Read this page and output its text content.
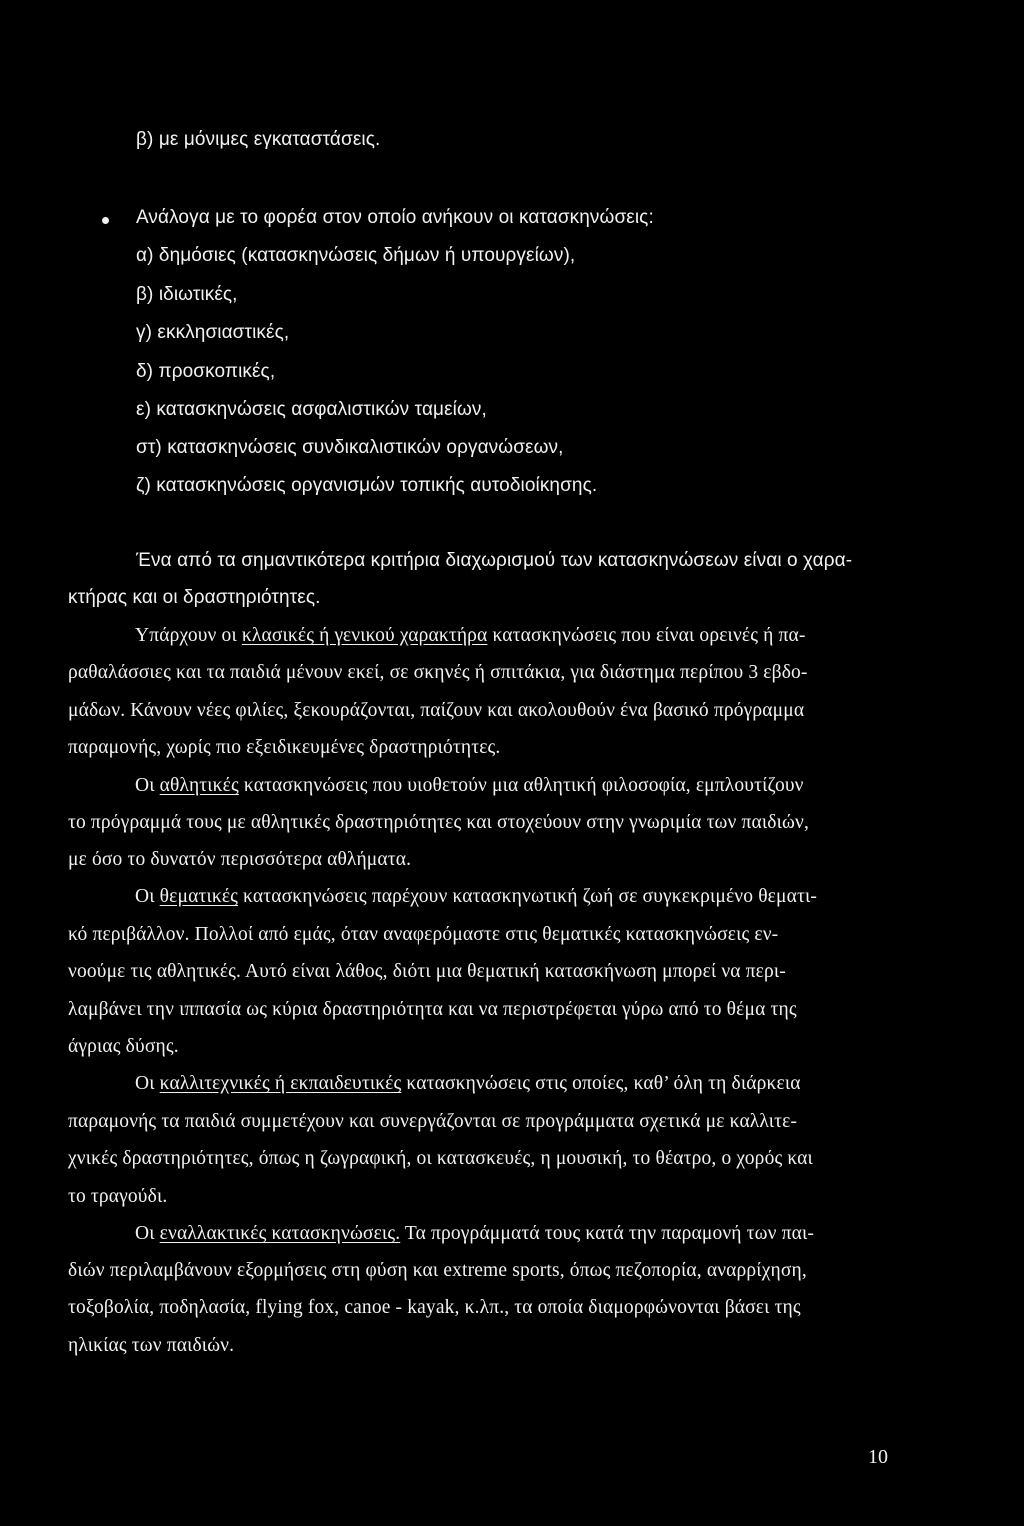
β) με μόνιμες εγκαταστάσεις.

Ανάλογα με το φορέα στον οποίο ανήκουν οι κατασκηνώσεις:

α) δημόσιες (κατασκηνώσεις δήμων ή υπουργείων),

β) ιδιωτικές,

γ) εκκλησιαστικές,

δ) προσκοπικές,

ε) κατασκηνώσεις ασφαλιστικών ταμείων,

στ) κατασκηνώσεις συνδικαλιστικών οργανώσεων,

ζ) κατασκηνώσεις οργανισμών τοπικής αυτοδιοίκησης.

Ένα από τα σημαντικότερα κριτήρια διαχωρισμού των κατασκηνώσεων είναι ο χαρα-

κτήρας και οι δραστηριότητες.

Υπάρχουν οι κλασικές ή γενικού χαρακτήρα κατασκηνώσεις που είναι ορεινές ή πα-

ραθαλάσσιες και τα παιδιά μένουν εκεί, σε σκηνές ή σπιτάκια, για διάστημα περίπου 3 εβδο-

μάδων. Κάνουν νέες φιλίες, ξεκουράζονται, παίζουν και ακολουθούν ένα βασικό πρόγραμμα

παραμονής, χωρίς πιο εξειδικευμένες δραστηριότητες.

Οι αθλητικές κατασκηνώσεις που υιοθετούν μια αθλητική φιλοσοφία, εμπλουτίζουν

το πρόγραμμά τους με αθλητικές δραστηριότητες και στοχεύουν στην γνωριμία των παιδιών,

με όσο το δυνατόν περισσότερα αθλήματα.

Οι θεματικές κατασκηνώσεις παρέχουν κατασκηνωτική ζωή σε συγκεκριμένο θεματι-

κό περιβάλλον. Πολλοί από εμάς, όταν αναφερόμαστε στις θεματικές κατασκηνώσεις εν-

νοούμε τις αθλητικές. Αυτό είναι λάθος, διότι μια θεματική κατασκήνωση μπορεί να περι-

λαμβάνει την ιππασία ως κύρια δραστηριότητα και να περιστρέφεται γύρω από το θέμα της

άγριας δύσης.

Οι καλλιτεχνικές ή εκπαιδευτικές κατασκηνώσεις στις οποίες, καθ’ όλη τη διάρκεια

παραμονής τα παιδιά συμμετέχουν και συνεργάζονται σε προγράμματα σχετικά με καλλιτε-

χνικές δραστηριότητες, όπως η ζωγραφική, οι κατασκευές, η μουσική, το θέατρο, ο χορός και

το τραγούδι.

Οι εναλλακτικές κατασκηνώσεις. Τα προγράμματά τους κατά την παραμονή των παι-

διών περιλαμβάνουν εξορμήσεις στη φύση και extreme sports, όπως πεζοπορία, αναρρίχηση,

τοξοβολία, ποδηλασία, flying fox, canoe - kayak, κ.λπ., τα οποία διαμορφώνονται βάσει της

ηλικίας των παιδιών.

10
